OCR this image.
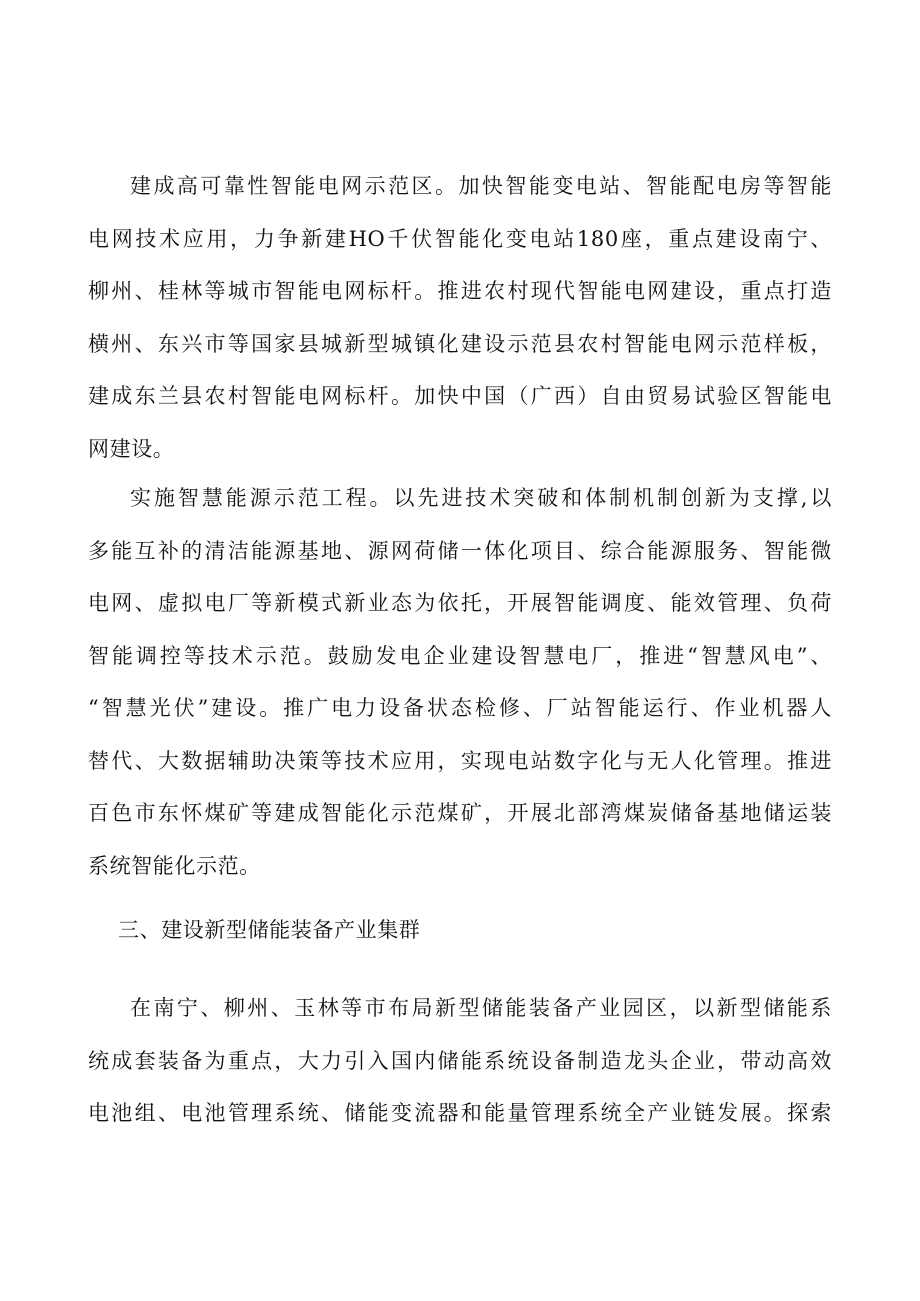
建成高可靠性智能电网示范区。加快智能变电站、智能配电房等智能
电网技术应用，力争新建HO千伏智能化变电站180座，重点建设南宁、
柳州、桂林等城市智能电网标杆。推进农村现代智能电网建设，重点打造
横州、东兴市等国家县城新型城镇化建设示范县农村智能电网示范样板，
建成东兰县农村智能电网标杆。加快中国（广西）自由贸易试验区智能电
网建设。
实施智慧能源示范工程。以先进技术突破和体制机制创新为支撑,以
多能互补的清洁能源基地、源网荷储一体化项目、综合能源服务、智能微
电网、虚拟电厂等新模式新业态为依托，开展智能调度、能效管理、负荷
智能调控等技术示范。鼓励发电企业建设智慧电厂，推进“智慧风电”、
“智慧光伏”建设。推广电力设备状态检修、厂站智能运行、作业机器人
替代、大数据辅助决策等技术应用，实现电站数字化与无人化管理。推进
百色市东怀煤矿等建成智能化示范煤矿，开展北部湾煤炭储备基地储运装
系统智能化示范。
三、建设新型储能装备产业集群
在南宁、柳州、玉林等市布局新型储能装备产业园区，以新型储能系
统成套装备为重点，大力引入国内储能系统设备制造龙头企业，带动高效
电池组、电池管理系统、储能变流器和能量管理系统全产业链发展。探索
